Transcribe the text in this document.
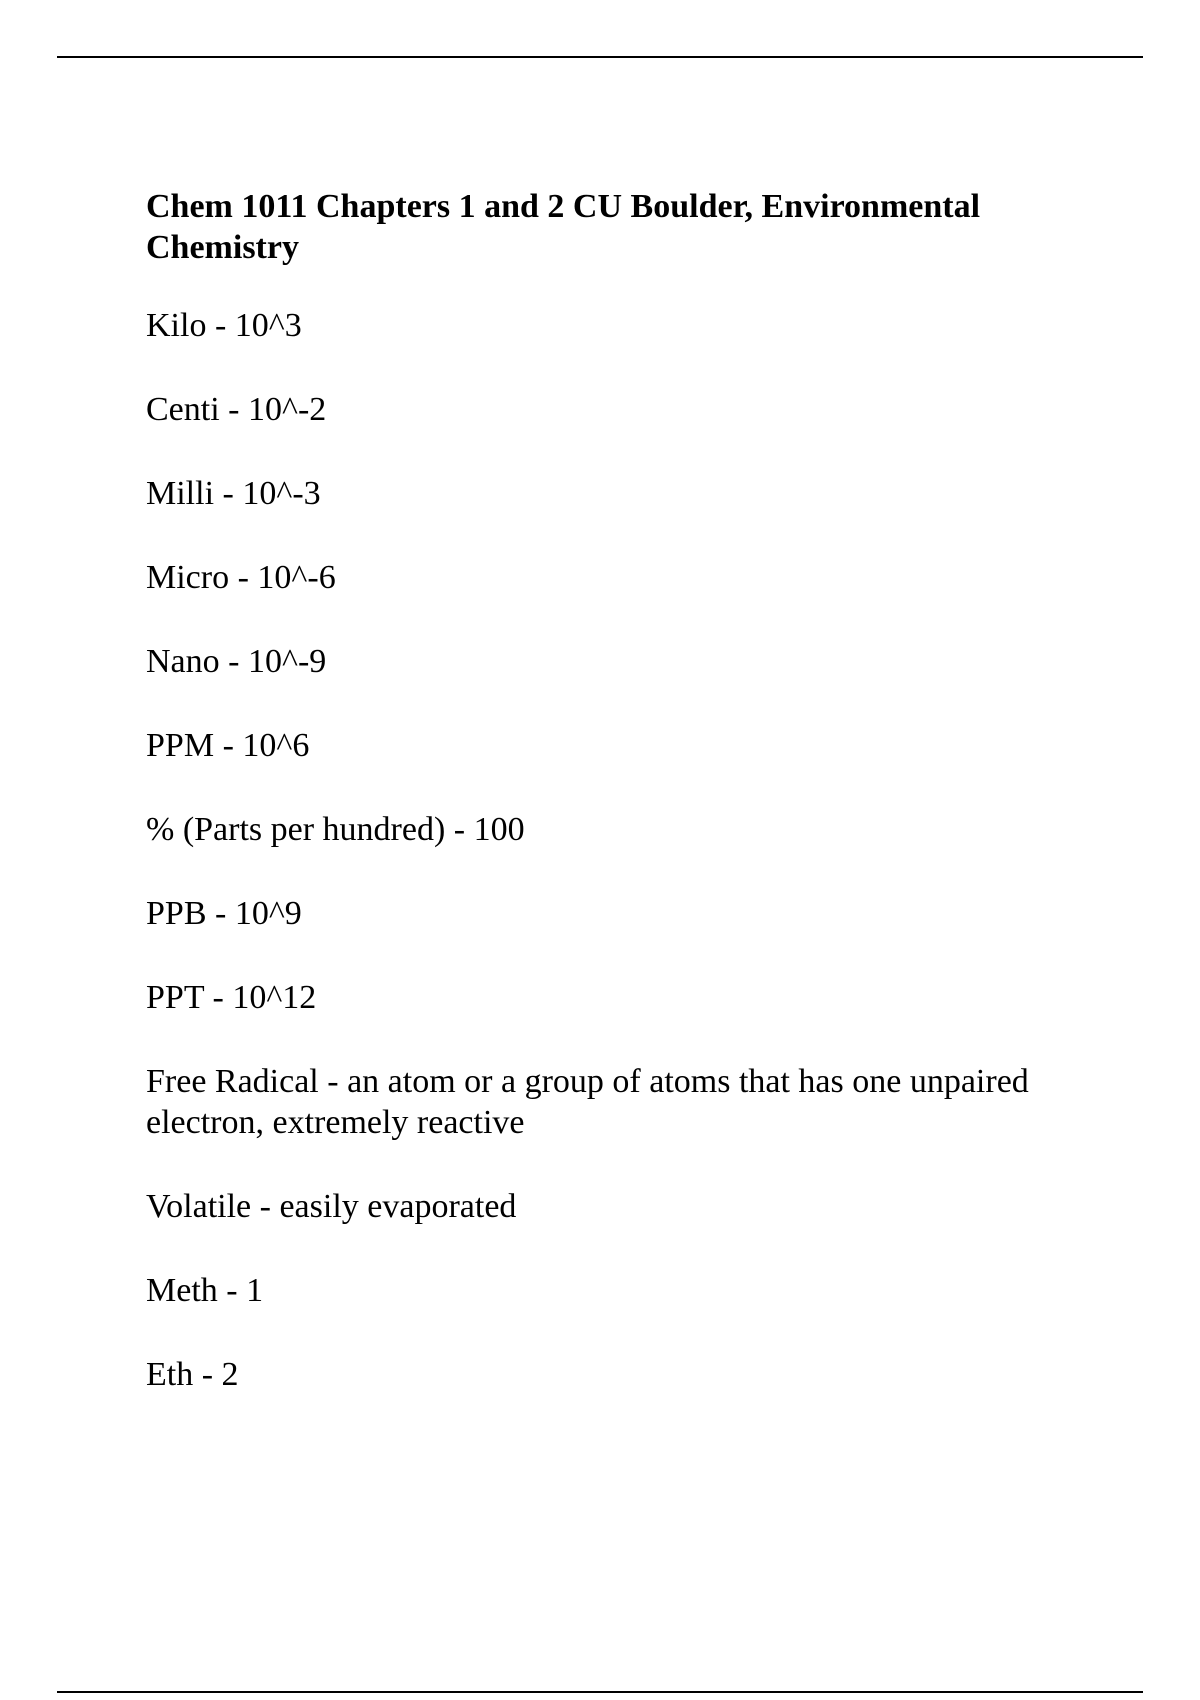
Chem 1011 Chapters 1 and 2 CU Boulder, Environmental Chemistry
Kilo - 10^3
Centi - 10^-2
Milli - 10^-3
Micro - 10^-6
Nano - 10^-9
PPM - 10^6
% (Parts per hundred) - 100
PPB - 10^9
PPT - 10^12
Free Radical - an atom or a group of atoms that has one unpaired electron, extremely reactive
Volatile - easily evaporated
Meth - 1
Eth - 2
